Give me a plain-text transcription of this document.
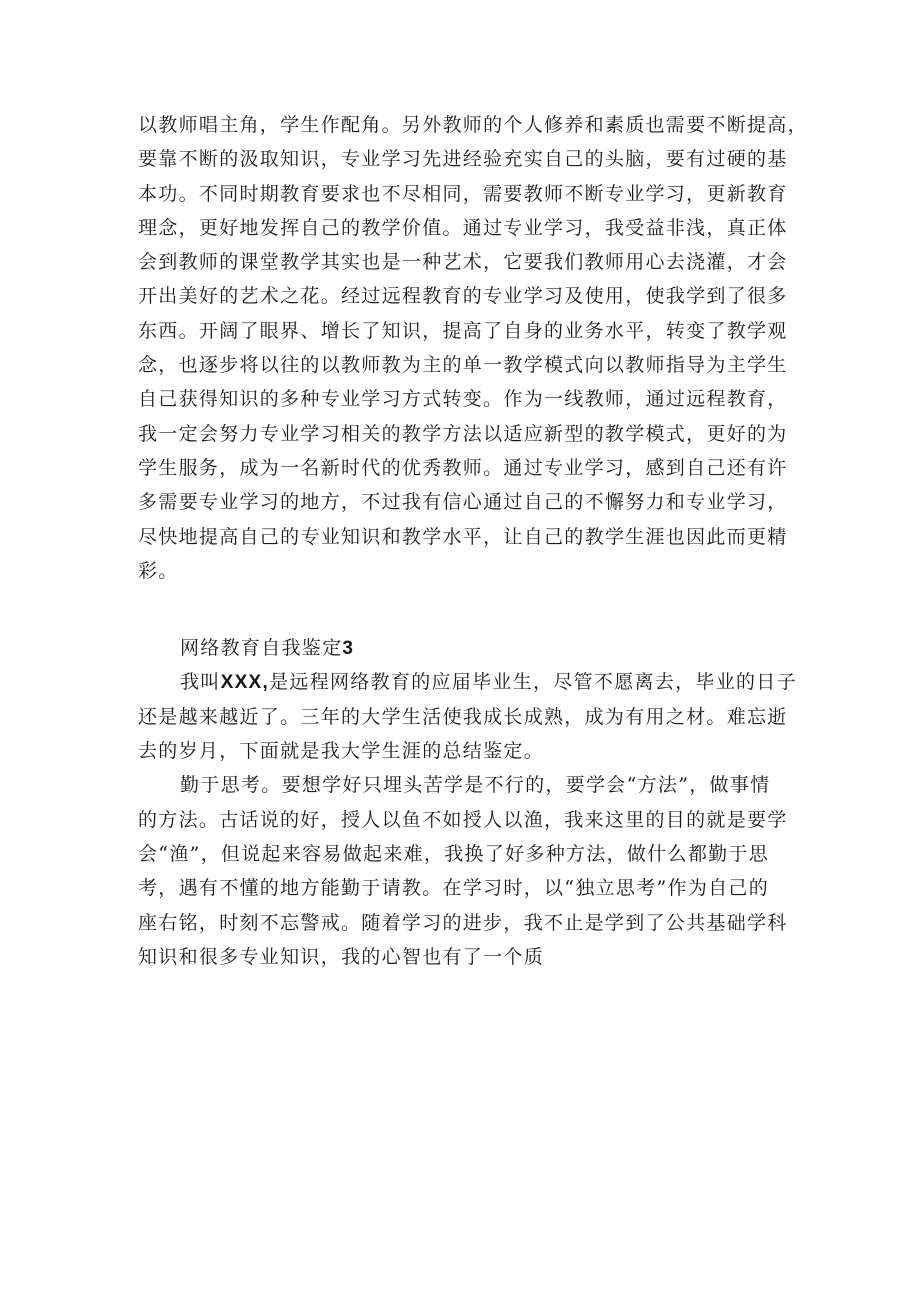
以教师唱主角，学生作配角。另外教师的个人修养和素质也需要不断提高，
要靠不断的汲取知识，专业学习先进经验充实自己的头脑，要有过硬的基
本功。不同时期教育要求也不尽相同，需要教师不断专业学习，更新教育
理念，更好地发挥自己的教学价值。通过专业学习，我受益非浅，真正体
会到教师的课堂教学其实也是一种艺术，它要我们教师用心去浇灌，才会
开出美好的艺术之花。经过远程教育的专业学习及使用，使我学到了很多
东西。开阔了眼界、增长了知识，提高了自身的业务水平，转变了教学观
念，也逐步将以往的以教师教为主的单一教学模式向以教师指导为主学生
自己获得知识的多种专业学习方式转变。作为一线教师，通过远程教育，
我一定会努力专业学习相关的教学方法以适应新型的教学模式，更好的为
学生服务，成为一名新时代的优秀教师。通过专业学习，感到自己还有许
多需要专业学习的地方，不过我有信心通过自己的不懈努力和专业学习，
尽快地提高自己的专业知识和教学水平，让自己的教学生涯也因此而更精
彩。
网络教育自我鉴定3
我叫XXX,是远程网络教育的应届毕业生，尽管不愿离去，毕业的日子
还是越来越近了。三年的大学生活使我成长成熟，成为有用之材。难忘逝
去的岁月，下面就是我大学生涯的总结鉴定。
勤于思考。要想学好只埋头苦学是不行的，要学会“方法”，做事情
的方法。古话说的好，授人以鱼不如授人以渔，我来这里的目的就是要学
会“渔”，但说起来容易做起来难，我换了好多种方法，做什么都勤于思
考，遇有不懂的地方能勤于请教。在学习时，以“独立思考”作为自己的
座右铭，时刻不忘警戒。随着学习的进步，我不止是学到了公共基础学科
知识和很多专业知识，我的心智也有了一个质
